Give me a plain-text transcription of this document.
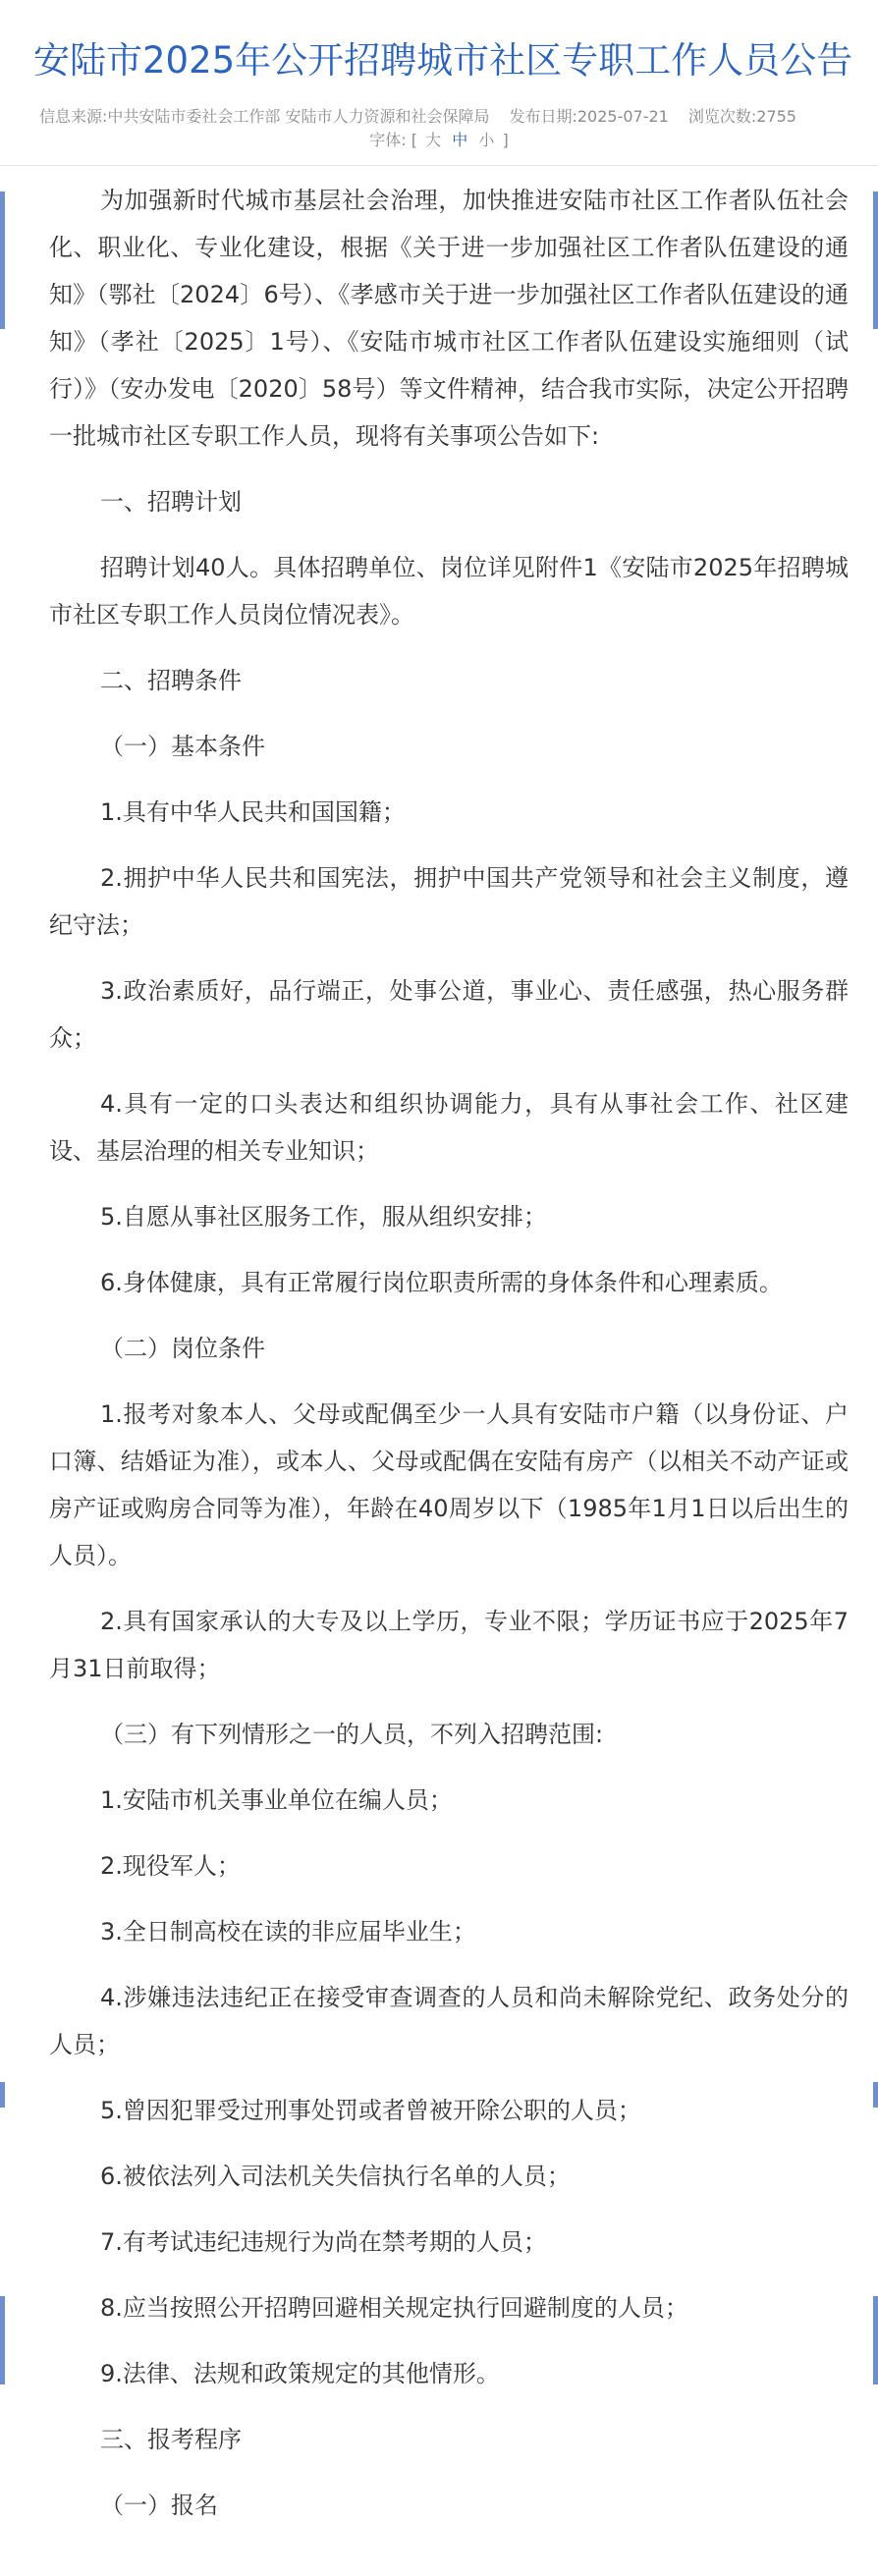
安陆市2025年公开招聘城市社区专职工作人员公告
信息来源:中共安陆市委社会工作部 安陆市人力资源和社会保障局 发布日期:2025-07-21 浏览次数:2755
字体: [ 大 中 小 ]

为加强新时代城市基层社会治理，加快推进安陆市社区工作者队伍社会化、职业化、专业化建设，根据《关于进一步加强社区工作者队伍建设的通知》（鄂社〔2024〕6号）、《孝感市关于进一步加强社区工作者队伍建设的通知》（孝社〔2025〕1号）、《安陆市城市社区工作者队伍建设实施细则（试行）》（安办发电〔2020〕58号）等文件精神，结合我市实际，决定公开招聘一批城市社区专职工作人员，现将有关事项公告如下:

一、招聘计划

招聘计划40人。具体招聘单位、岗位详见附件1《安陆市2025年招聘城市社区专职工作人员岗位情况表》。

二、招聘条件

（一）基本条件

1.具有中华人民共和国国籍；

2.拥护中华人民共和国宪法，拥护中国共产党领导和社会主义制度，遵纪守法；

3.政治素质好，品行端正，处事公道，事业心、责任感强，热心服务群众；

4.具有一定的口头表达和组织协调能力，具有从事社会工作、社区建设、基层治理的相关专业知识；

5.自愿从事社区服务工作，服从组织安排；

6.身体健康，具有正常履行岗位职责所需的身体条件和心理素质。

（二）岗位条件

1.报考对象本人、父母或配偶至少一人具有安陆市户籍（以身份证、户口簿、结婚证为准），或本人、父母或配偶在安陆有房产（以相关不动产证或房产证或购房合同等为准），年龄在40周岁以下（1985年1月1日以后出生的人员）。

2.具有国家承认的大专及以上学历，专业不限；学历证书应于2025年7月31日前取得；

（三）有下列情形之一的人员，不列入招聘范围:

1.安陆市机关事业单位在编人员；

2.现役军人；

3.全日制高校在读的非应届毕业生；

4.涉嫌违法违纪正在接受审查调查的人员和尚未解除党纪、政务处分的人员；

5.曾因犯罪受过刑事处罚或者曾被开除公职的人员；

6.被依法列入司法机关失信执行名单的人员；

7.有考试违纪违规行为尚在禁考期的人员；

8.应当按照公开招聘回避相关规定执行回避制度的人员；

9.法律、法规和政策规定的其他情形。

三、报考程序

（一）报名
